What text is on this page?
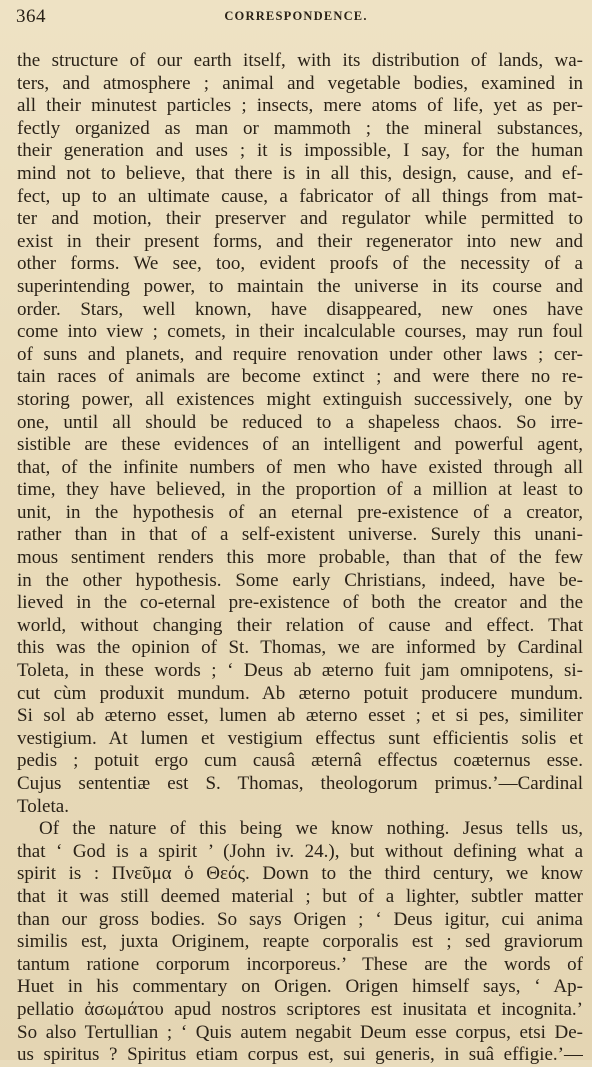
364	CORRESPONDENCE.
the structure of our earth itself, with its distribution of lands, wa-
ters, and atmosphere ; animal and vegetable bodies, examined in
all their minutest particles ; insects, mere atoms of life, yet as per-
fectly organized as man or mammoth ; the mineral substances,
their generation and uses ; it is impossible, I say, for the human
mind not to believe, that there is in all this, design, cause, and ef-
fect, up to an ultimate cause, a fabricator of all things from mat-
ter and motion, their preserver and regulator while permitted to
exist in their present forms, and their regenerator into new and
other forms. We see, too, evident proofs of the necessity of a
superintending power, to maintain the universe in its course and
order. Stars, well known, have disappeared, new ones have
come into view ; comets, in their incalculable courses, may run foul
of suns and planets, and require renovation under other laws ; cer-
tain races of animals are become extinct ; and were there no re-
storing power, all existences might extinguish successively, one by
one, until all should be reduced to a shapeless chaos. So irre-
sistible are these evidences of an intelligent and powerful agent,
that, of the infinite numbers of men who have existed through all
time, they have believed, in the proportion of a million at least to
unit, in the hypothesis of an eternal pre-existence of a creator,
rather than in that of a self-existent universe. Surely this unani-
mous sentiment renders this more probable, than that of the few
in the other hypothesis. Some early Christians, indeed, have be-
lieved in the co-eternal pre-existence of both the creator and the
world, without changing their relation of cause and effect. That
this was the opinion of St. Thomas, we are informed by Cardinal
Toleta, in these words ; ‘ Deus ab æterno fuit jam omnipotens, si-
cut cùm produxit mundum. Ab æterno potuit producere mundum.
Si sol ab æterno esset, lumen ab æterno esset ; et si pes, similiter
vestigium. At lumen et vestigium effectus sunt efficientis solis et
pedis ; potuit ergo cum causâ æternâ effectus coæternus esse.
Cujus sententiæ est S. Thomas, theologorum primus.’—Cardinal
Toleta.
Of the nature of this being we know nothing. Jesus tells us,
that ‘ God is a spirit ’ (John iv. 24.), but without defining what a
spirit is : Πνεῦμα ὁ Θεός. Down to the third century, we know
that it was still deemed material ; but of a lighter, subtler matter
than our gross bodies. So says Origen ; ‘ Deus igitur, cui anima
similis est, juxta Originem, reapte corporalis est ; sed graviorum
tantum ratione corporum incorporeus.’ These are the words of
Huet in his commentary on Origen. Origen himself says, ‘ Ap-
pellatio ἀσωμάτου apud nostros scriptores est inusitata et incognita.’
So also Tertullian ; ‘ Quis autem negabit Deum esse corpus, etsi De-
us spiritus ? Spiritus etiam corpus est, sui generis, in suâ effigie.’—
